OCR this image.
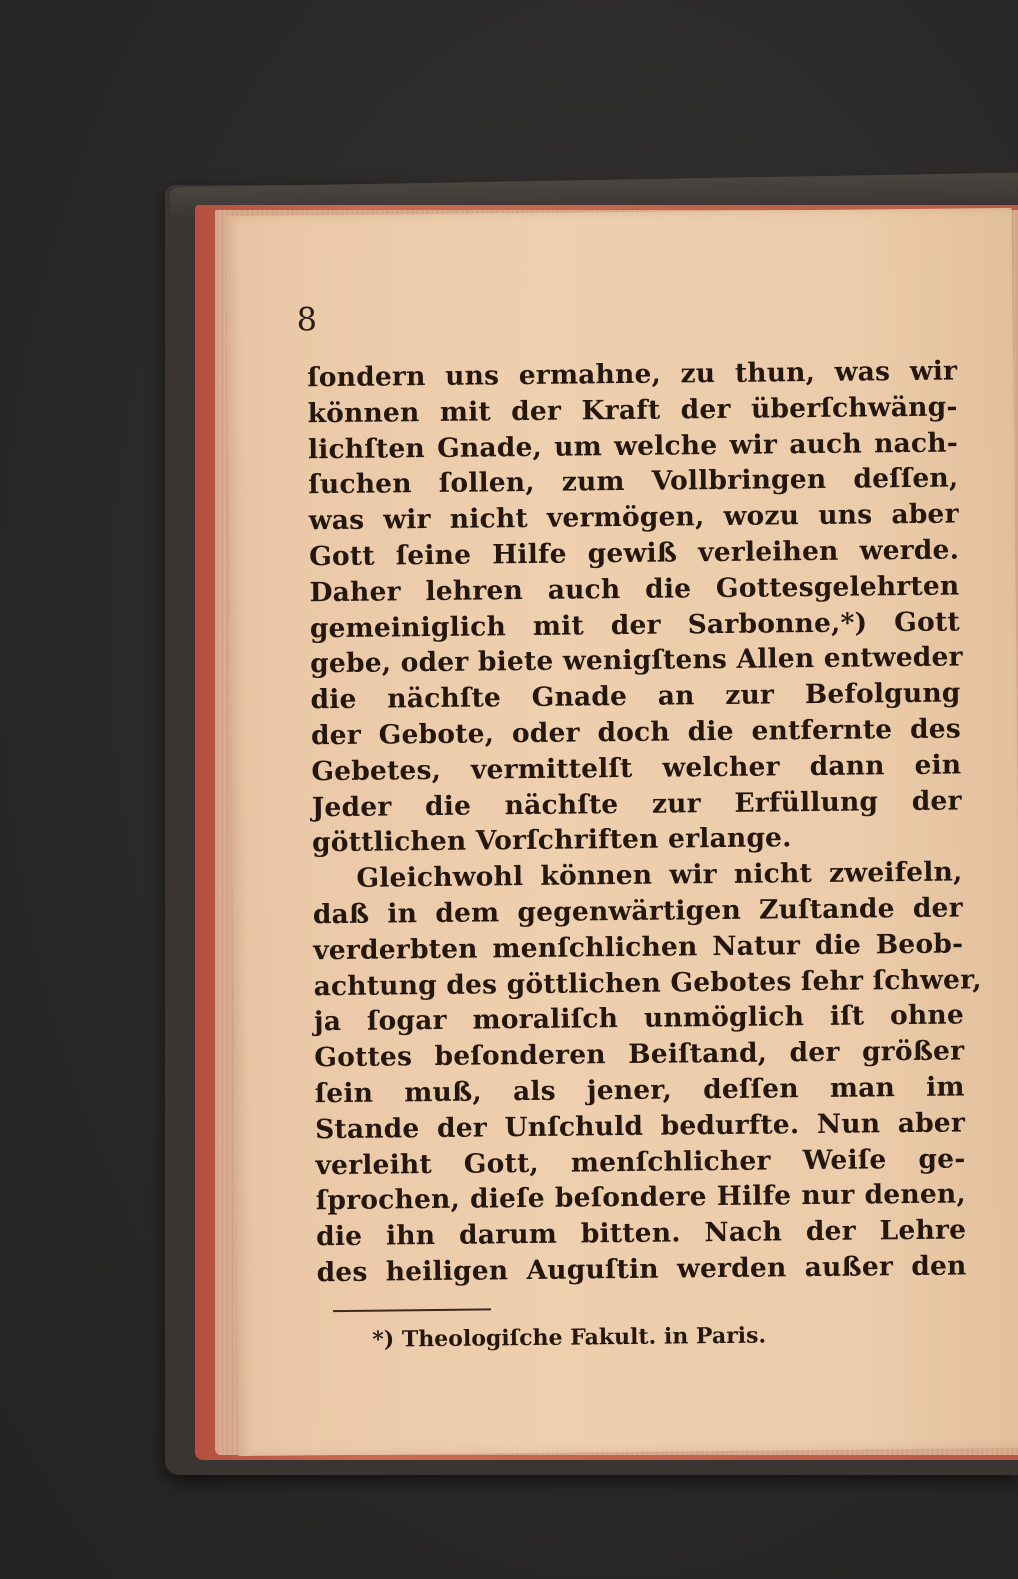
8
ſondern uns ermahne, zu thun, was wir
können mit der Kraft der überſchwäng-
lichſten Gnade, um welche wir auch nach-
ſuchen ſollen, zum Vollbringen deſſen,
was wir nicht vermögen, wozu uns aber
Gott ſeine Hilfe gewiß verleihen werde.
Daher lehren auch die Gottesgelehrten
gemeiniglich mit der Sarbonne,*) Gott
gebe, oder biete wenigſtens Allen entweder
die nächſte Gnade an zur Befolgung
der Gebote, oder doch die entfernte des
Gebetes, vermittelſt welcher dann ein
Jeder die nächſte zur Erfüllung der
göttlichen Vorſchriften erlange.
Gleichwohl können wir nicht zweifeln,
daß in dem gegenwärtigen Zuſtande der
verderbten menſchlichen Natur die Beob-
achtung des göttlichen Gebotes ſehr ſchwer,
ja ſogar moraliſch unmöglich iſt ohne
Gottes beſonderen Beiſtand, der größer
ſein muß, als jener, deſſen man im
Stande der Unſchuld bedurfte. Nun aber
verleiht Gott, menſchlicher Weiſe ge-
ſprochen, dieſe beſondere Hilfe nur denen,
die ihn darum bitten. Nach der Lehre
des heiligen Auguſtin werden außer den
*) Theologiſche Fakult. in Paris.
